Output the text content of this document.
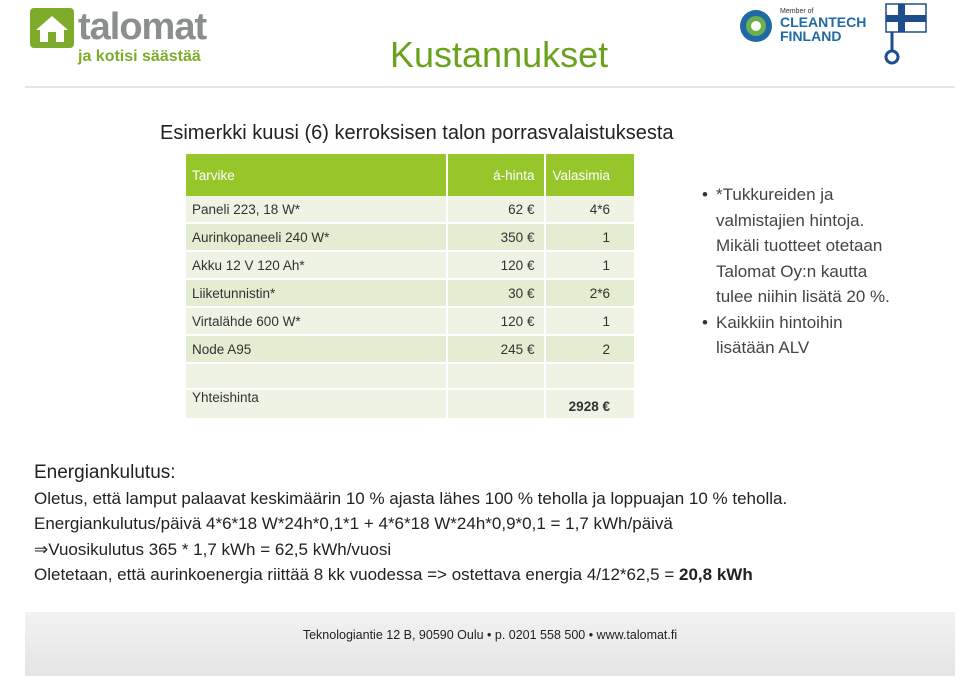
talomat
ja kotisi säästää	Kustannukset
Member of
CLEANTECH
FINLAND
Esimerkki kuusi (6) kerroksisen talon porrasvalaistuksesta
Tarvike	á-hinta	Valasimia
Paneli 223, 18 W*	62 €	4*6
Aurinkopaneeli 240 W*	350 €	1
Akku 12 V 120 Ah*	120 €	1
Liiketunnistin*	30 €	2*6
Virtalähde 600 W*	120 €	1
Node A95	245 €	2

Yhteishinta		2928 €
• *Tukkureiden ja valmistajien hintoja. Mikäli tuotteet otetaan Talomat Oy:n kautta tulee niihin lisätä 20 %.
• Kaikkiin hintoihin lisätään ALV
Energiankulutus:
Oletus, että lamput palaavat keskimäärin 10 % ajasta lähes 100 % teholla ja loppuajan 10 % teholla.
Energiankulutus/päivä 4*6*18 W*24h*0,1*1 + 4*6*18 W*24h*0,9*0,1 = 1,7 kWh/päivä
⇒Vuosikulutus 365 * 1,7 kWh = 62,5 kWh/vuosi
Oletetaan, että aurinkoenergia riittää 8 kk vuodessa => ostettava energia 4/12*62,5 = 20,8 kWh
Teknologiantie 12 B, 90590 Oulu • p. 0201 558 500 • www.talomat.fi
